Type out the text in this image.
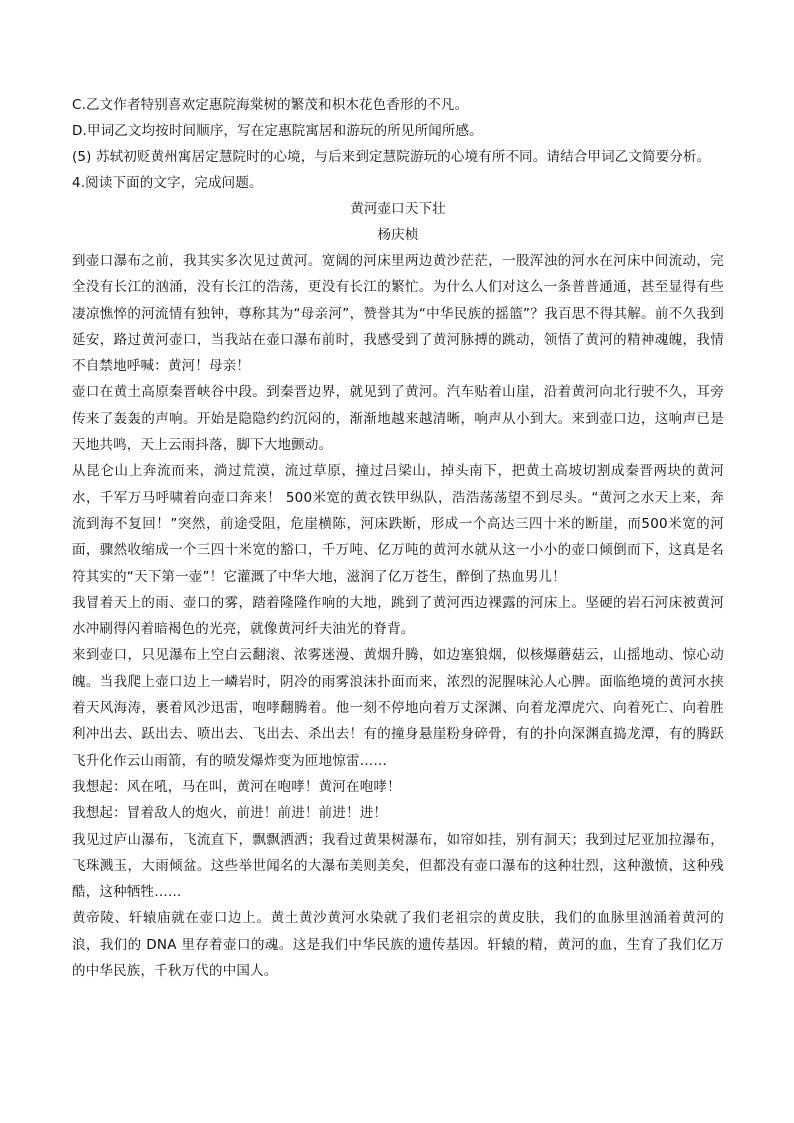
C.乙文作者特别喜欢定惠院海棠树的繁茂和枳木花色香形的不凡。
D.甲词乙文均按时间顺序，写在定惠院寓居和游玩的所见所闻所感。
(5) 苏轼初贬黄州寓居定慧院时的心境，与后来到定慧院游玩的心境有所不同。请结合甲词乙文简要分析。
4.阅读下面的文字，完成问题。
黄河壶口天下壮
杨庆桢
到壶口瀑布之前，我其实多次见过黄河。宽阔的河床里两边黄沙茫茫，一股浑浊的河水在河床中间流动，完全没有长江的汹涌，没有长江的浩荡，更没有长江的繁忙。为什么人们对这么一条普普通通，甚至显得有些凄凉憔悴的河流情有独钟，尊称其为“母亲河”，赞誉其为“中华民族的摇篮”？我百思不得其解。前不久我到延安，路过黄河壶口，当我站在壶口瀑布前时，我感受到了黄河脉搏的跳动，领悟了黄河的精神魂魄，我情不自禁地呼喊：黄河！母亲！
壶口在黄土高原秦晋峡谷中段。到秦晋边界，就见到了黄河。汽车贴着山崖，沿着黄河向北行驶不久，耳旁传来了轰轰的声响。开始是隐隐约约沉闷的，渐渐地越来越清晰，响声从小到大。来到壶口边，这响声已是天地共鸣，天上云雨抖落，脚下大地颤动。
从昆仑山上奔流而来，淌过荒漠，流过草原，撞过吕梁山，掉头南下，把黄土高坡切割成秦晋两块的黄河水，千军万马呼啸着向壶口奔来！ 500米宽的黄衣铁甲纵队，浩浩荡荡望不到尽头。“黄河之水天上来，奔流到海不复回！”突然，前途受阻，危崖横陈，河床跌断，形成一个高达三四十米的断崖，而500米宽的河面，骤然收缩成一个三四十米宽的豁口，千万吨、亿万吨的黄河水就从这一小小的壶口倾倒而下，这真是名符其实的“天下第一壶”！它灌溉了中华大地，滋润了亿万苍生，醉倒了热血男儿！
我冒着天上的雨、壶口的雾，踏着隆隆作响的大地，跳到了黄河西边裸露的河床上。坚硬的岩石河床被黄河水冲刷得闪着暗褐色的光亮，就像黄河纤夫油光的脊背。
来到壶口，只见瀑布上空白云翻滚、浓雾迷漫、黄烟升腾，如边塞狼烟，似核爆蘑菇云，山摇地动、惊心动魄。当我爬上壶口边上一嶙岩时，阴冷的雨雾浪沫扑面而来，浓烈的泥腥味沁人心脾。面临绝境的黄河水挟着天风海涛，裹着风沙迅雷，咆哮翻腾着。他一刻不停地向着万丈深渊、向着龙潭虎穴、向着死亡、向着胜利冲出去、跃出去、喷出去、飞出去、杀出去！有的撞身悬崖粉身碎骨，有的扑向深渊直捣龙潭，有的腾跃飞升化作云山雨箭，有的喷发爆炸变为匝地惊雷……
我想起：风在吼，马在叫，黄河在咆哮！黄河在咆哮！
我想起：冒着敌人的炮火，前进！前进！前进！进！
我见过庐山瀑布，飞流直下，飘飘洒洒；我看过黄果树瀑布，如帘如挂，别有洞天；我到过尼亚加拉瀑布，飞珠溅玉，大雨倾盆。这些举世闻名的大瀑布美则美矣，但都没有壶口瀑布的这种壮烈，这种激愤，这种残酷，这种牺牲……
黄帝陵、轩辕庙就在壶口边上。黄土黄沙黄河水染就了我们老祖宗的黄皮肤，我们的血脉里汹涌着黄河的浪，我们的 DNA 里存着壶口的魂。这是我们中华民族的遗传基因。轩辕的精，黄河的血，生育了我们亿万的中华民族，千秋万代的中国人。
